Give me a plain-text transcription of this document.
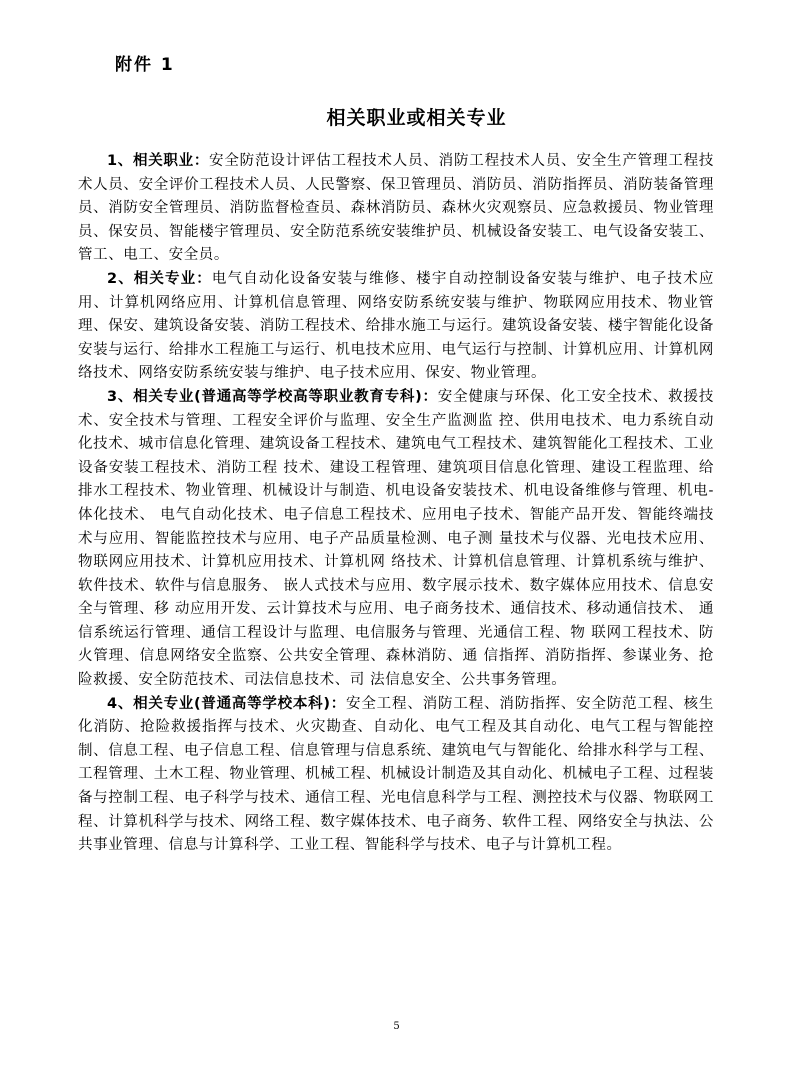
附件 1
相关职业或相关专业

1、相关职业：安全防范设计评估工程技术人员、消防工程技术人员、安全生产管理工程技术人员、安全评价工程技术人员、人民警察、保卫管理员、消防员、消防指挥员、消防装备管理员、消防安全管理员、消防监督检查员、森林消防员、森林火灾观察员、应急救援员、物业管理员、保安员、智能楼宇管理员、安全防范系统安装维护员、机械设备安装工、电气设备安装工、管工、电工、安全员。

2、相关专业：电气自动化设备安装与维修、楼宇自动控制设备安装与维护、电子技术应用、计算机网络应用、计算机信息管理、网络安防系统安装与维护、物联网应用技术、物业管理、保安、建筑设备安装、消防工程技术、给排水施工与运行。建筑设备安装、楼宇智能化设备安装与运行、给排水工程施工与运行、机电技术应用、电气运行与控制、计算机应用、计算机网络技术、网络安防系统安装与维护、电子技术应用、保安、物业管理。

3、相关专业(普通高等学校高等职业教育专科)：安全健康与环保、化工安全技术、救援技术、安全技术与管理、工程安全评价与监理、安全生产监测监 控、供用电技术、电力系统自动化技术、城市信息化管理、建筑设备工程技术、建筑电气工程技术、建筑智能化工程技术、工业设备安装工程技术、消防工程 技术、建设工程管理、建筑项目信息化管理、建设工程监理、给排水工程技术、物业管理、机械设计与制造、机电设备安装技术、机电设备维修与管理、机电- 体化技术、 电气自动化技术、电子信息工程技术、应用电子技术、智能产品开发、智能终端技术与应用、智能监控技术与应用、电子产品质量检测、电子测 量技术与仪器、光电技术应用、物联网应用技术、计算机应用技术、计算机网 络技术、计算机信息管理、计算机系统与维护、软件技术、软件与信息服务、 嵌人式技术与应用、数字展示技术、数字媒体应用技术、信息安全与管理、移 动应用开发、云计算技术与应用、电子商务技术、通信技术、移动通信技术、 通信系统运行管理、通信工程设计与监理、电信服务与管理、光通信工程、物 联网工程技术、防火管理、信息网络安全监察、公共安全管理、森林消防、通 信指挥、消防指挥、参谋业务、抢险救援、安全防范技术、司法信息技术、司 法信息安全、公共事务管理。

4、相关专业(普通高等学校本科)：安全工程、消防工程、消防指挥、安全防范工程、核生化消防、抢险救援指挥与技术、火灾勘查、自动化、电气工程及其自动化、电气工程与智能控制、信息工程、电子信息工程、信息管理与信息系统、建筑电气与智能化、给排水科学与工程、工程管理、土木工程、物业管理、机械工程、机械设计制造及其自动化、机械电子工程、过程装备与控制工程、电子科学与技术、通信工程、光电信息科学与工程、测控技术与仪器、物联网工程、计算机科学与技术、网络工程、数字媒体技术、电子商务、软件工程、网络安全与执法、公共事业管理、信息与计算科学、工业工程、智能科学与技术、电子与计算机工程。

5
